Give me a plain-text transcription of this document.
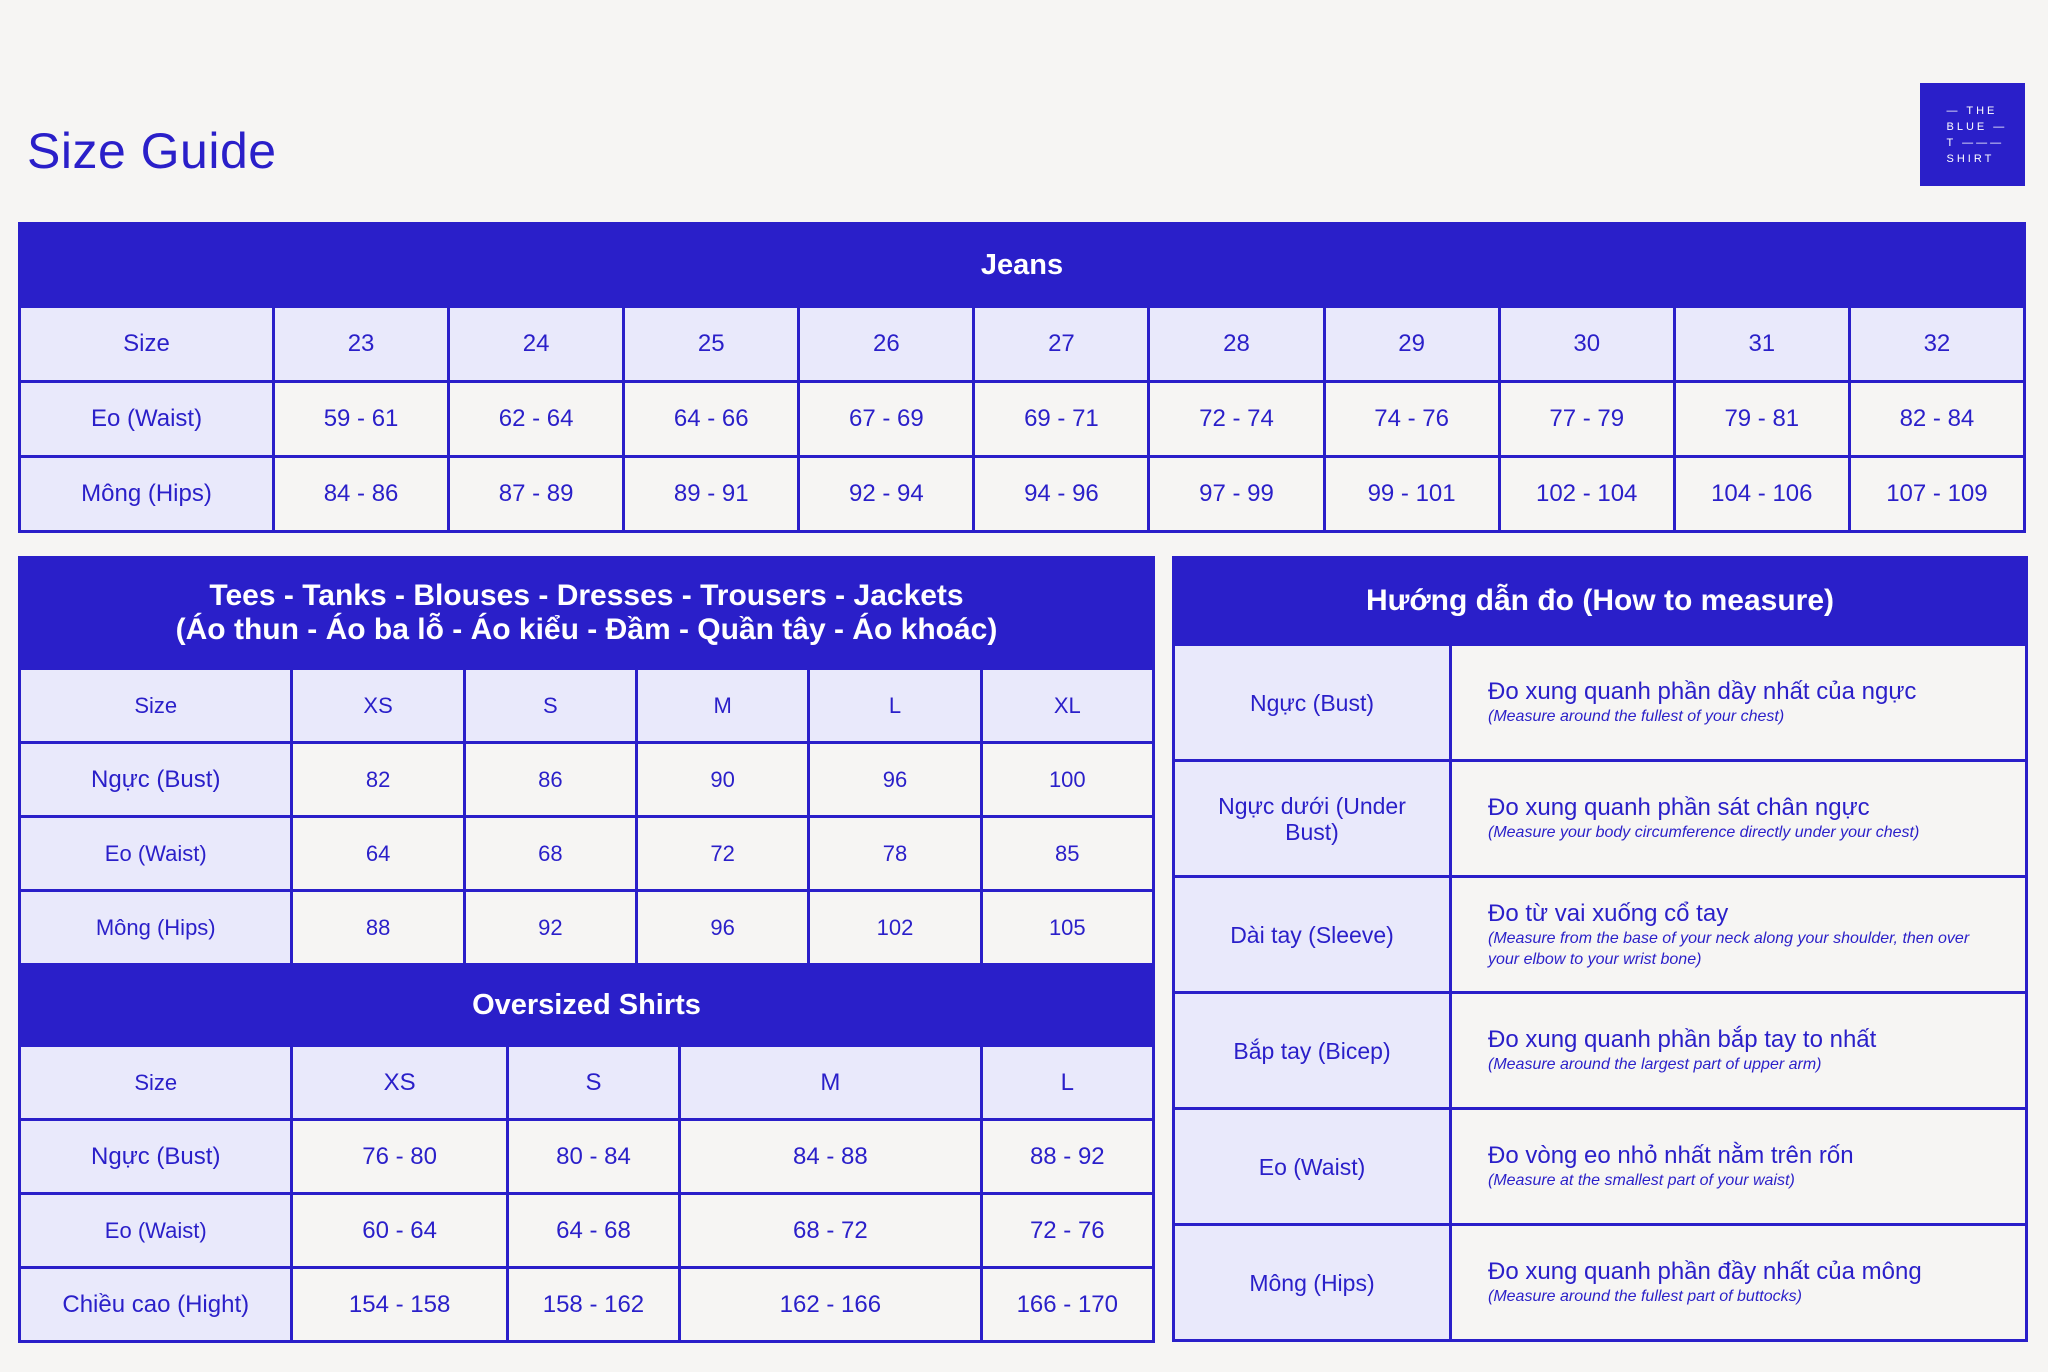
Size Guide
— THE
BLUE —
T ———
SHIRT
Jeans										
Size	23	24	25	26	27	28	29	30	31	32
Eo (Waist)	59 - 61	62 - 64	64 - 66	67 - 69	69 - 71	72 - 74	74 - 76	77 - 79	79 - 81	82 - 84
Mông (Hips)	84 - 86	87 - 89	89 - 91	92 - 94	94 - 96	97 - 99	99 - 101	102 - 104	104 - 106	107 - 109
Tees - Tanks - Blouses - Dresses - Trousers - Jackets
(Áo thun - Áo ba lỗ - Áo kiểu - Đầm - Quần tây - Áo khoác)							
Size	XS	S		M		L	XL
Ngực (Bust)	82	86		90		96	100
Eo (Waist)	64	68		72		78	85
Mông (Hips)	88	92		96		102	105
Oversized Shirts							
Size	XS		S		M		L
Ngực (Bust)	76 - 80		80 - 84		84 - 88		88 - 92
Eo (Waist)	60 - 64		64 - 68		68 - 72		72 - 76
Chiều cao (Hight)	154 - 158		158 - 162		162 - 166		166 - 170
Hướng dẫn đo (How to measure)	
Ngực (Bust)	Đo xung quanh phần dầy nhất của ngực
(Measure around the fullest of your chest)

Ngực dưới (Under Bust)	Đo xung quanh phần sát chân ngực
(Measure your body circumference directly under your chest)

Dài tay (Sleeve)	Đo từ vai xuống cổ tay
(Measure from the base of your neck along your shoulder, then over your elbow to your wrist bone)

Bắp tay (Bicep)	Đo xung quanh phần bắp tay to nhất
(Measure around the largest part of upper arm)

Eo (Waist)	Đo vòng eo nhỏ nhất nằm trên rốn
(Measure at the smallest part of your waist)

Mông (Hips)	Đo xung quanh phần đầy nhất của mông
(Measure around the fullest part of buttocks)
